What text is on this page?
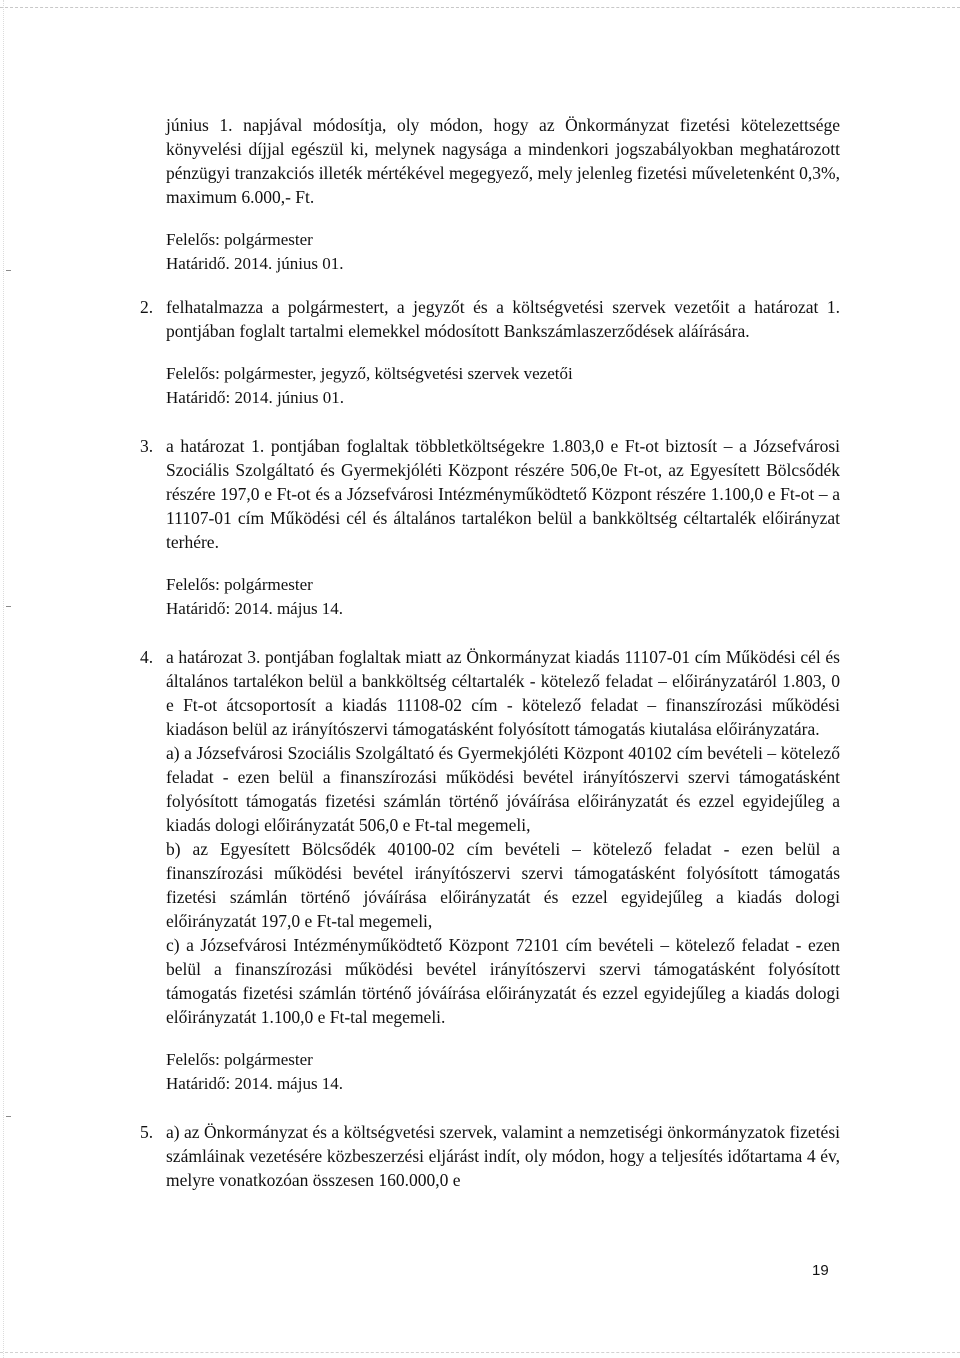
június 1. napjával módosítja, oly módon, hogy az Önkormányzat fizetési kötelezettsége könyvelési díjjal egészül ki, melynek nagysága a mindenkori jogszabályokban meghatározott pénzügyi tranzakciós illeték mértékével megegyező, mely jelenleg fizetési műveletenként 0,3%, maximum 6.000,- Ft.

Felelős: polgármester

Határidő. 2014. június 01.

2. felhatalmazza a polgármestert, a jegyzőt és a költségvetési szervek vezetőit a határozat 1. pontjában foglalt tartalmi elemekkel módosított Bankszámlaszerződések aláírására.

Felelős: polgármester, jegyző, költségvetési szervek vezetői

Határidő: 2014. június 01.

3. a határozat 1. pontjában foglaltak többletköltségekre 1.803,0 e Ft-ot biztosít – a Józsefvárosi Szociális Szolgáltató és Gyermekjóléti Központ részére 506,0e Ft-ot, az Egyesített Bölcsődék részére 197,0 e Ft-ot és a Józsefvárosi Intézményműködtető Központ részére 1.100,0 e Ft-ot – a 11107-01 cím Működési cél és általános tartalékon belül a bankköltség céltartalék előirányzat terhére.

Felelős: polgármester

Határidő: 2014. május 14.

4. a határozat 3. pontjában foglaltak miatt az Önkormányzat kiadás 11107-01 cím Működési cél és általános tartalékon belül a bankköltség céltartalék - kötelező feladat – előirányzatáról 1.803, 0 e Ft-ot átcsoportosít a kiadás 11108-02 cím - kötelező feladat – finanszírozási működési kiadáson belül az irányítószervi támogatásként folyósított támogatás kiutalása előirányzatára.

a) a Józsefvárosi Szociális Szolgáltató és Gyermekjóléti Központ 40102 cím bevételi – kötelező feladat - ezen belül a finanszírozási működési bevétel irányítószervi szervi támogatásként folyósított támogatás fizetési számlán történő jóváírása előirányzatát és ezzel egyidejűleg a kiadás dologi előirányzatát 506,0 e Ft-tal megemeli,

b) az Egyesített Bölcsődék 40100-02 cím bevételi – kötelező feladat - ezen belül a finanszírozási működési bevétel irányítószervi szervi támogatásként folyósított támogatás fizetési számlán történő jóváírása előirányzatát és ezzel egyidejűleg a kiadás dologi előirányzatát 197,0 e Ft-tal megemeli,

c) a Józsefvárosi Intézményműködtető Központ 72101 cím bevételi – kötelező feladat - ezen belül a finanszírozási működési bevétel irányítószervi szervi támogatásként folyósított támogatás fizetési számlán történő jóváírása előirányzatát és ezzel egyidejűleg a kiadás dologi előirányzatát 1.100,0 e Ft-tal megemeli.

Felelős: polgármester

Határidő: 2014. május 14.

5. a) az Önkormányzat és a költségvetési szervek, valamint a nemzetiségi önkormányzatok fizetési számláinak vezetésére közbeszerzési eljárást indít, oly módon, hogy a teljesítés időtartama 4 év, melyre vonatkozóan összesen 160.000,0 e

19
